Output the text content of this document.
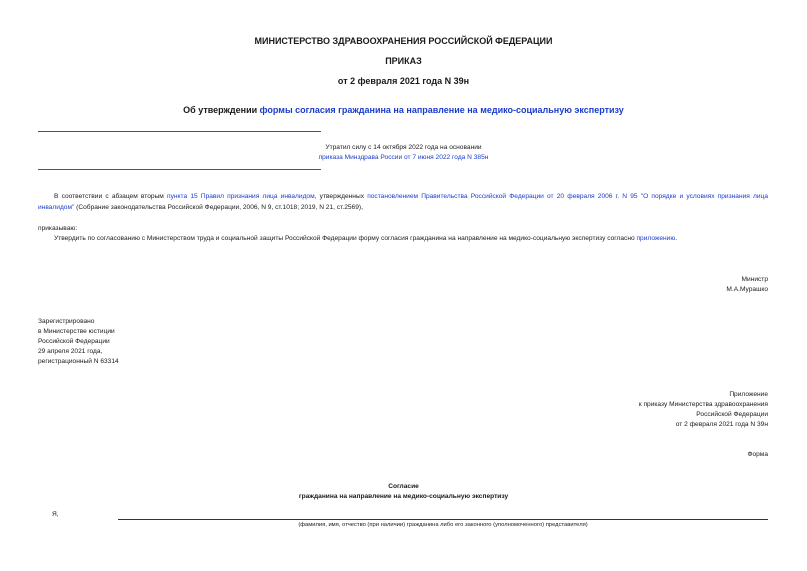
МИНИСТЕРСТВО ЗДРАВООХРАНЕНИЯ РОССИЙСКОЙ ФЕДЕРАЦИИ
ПРИКАЗ
от 2 февраля 2021 года N 39н
Об утверждении формы согласия гражданина на направление на медико-социальную экспертизу
Утратил силу с 14 октября 2022 года на основании
приказа Минздрава России от 7 июня 2022 года N 385н
В соответствии с абзацем вторым пункта 15 Правил признания лица инвалидом, утвержденных постановлением Правительства Российской Федерации от 20 февраля 2006 г. N 95 "О порядке и условиях признания лица инвалидом" (Собрание законодательства Российской Федерации, 2006, N 9, ст.1018; 2019, N 21, ст.2569),
приказываю:
Утвердить по согласованию с Министерством труда и социальной защиты Российской Федерации форму согласия гражданина на направление на медико-социальную экспертизу согласно приложению.
Министр
М.А.Мурашко
Зарегистрировано
в Министерстве юстиции
Российской Федерации
29 апреля 2021 года,
регистрационный N 63314
Приложение
к приказу Министерства здравоохранения
Российской Федерации
от 2 февраля 2021 года N 39н
Форма
Согласие
гражданина на направление на медико-социальную экспертизу
Я,
(фамилия, имя, отчество (при наличии) гражданина либо его законного (уполномоченного) представителя)
